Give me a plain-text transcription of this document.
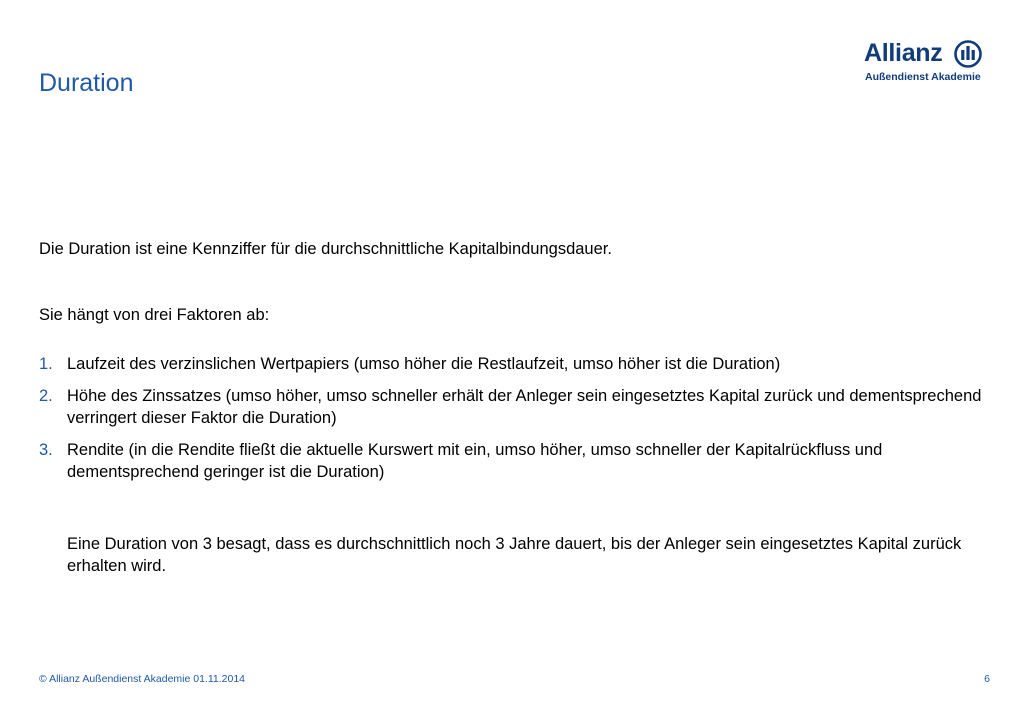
Duration
Allianz
Außendienst Akademie
Die Duration ist eine Kennziffer für die durchschnittliche Kapitalbindungsdauer.
Sie hängt von drei Faktoren ab:
1. Laufzeit des verzinslichen Wertpapiers (umso höher die Restlaufzeit, umso höher ist die Duration)
2. Höhe des Zinssatzes (umso höher, umso schneller erhält der Anleger sein eingesetztes Kapital zurück und dementsprechend verringert dieser Faktor die Duration)
3. Rendite (in die Rendite fließt die aktuelle Kurswert mit ein, umso höher, umso schneller der Kapitalrückfluss und dementsprechend geringer ist die Duration)
Eine Duration von 3 besagt, dass es durchschnittlich noch 3 Jahre dauert, bis der Anleger sein eingesetztes Kapital zurück erhalten wird.
© Allianz Außendienst Akademie 01.11.2014	6
